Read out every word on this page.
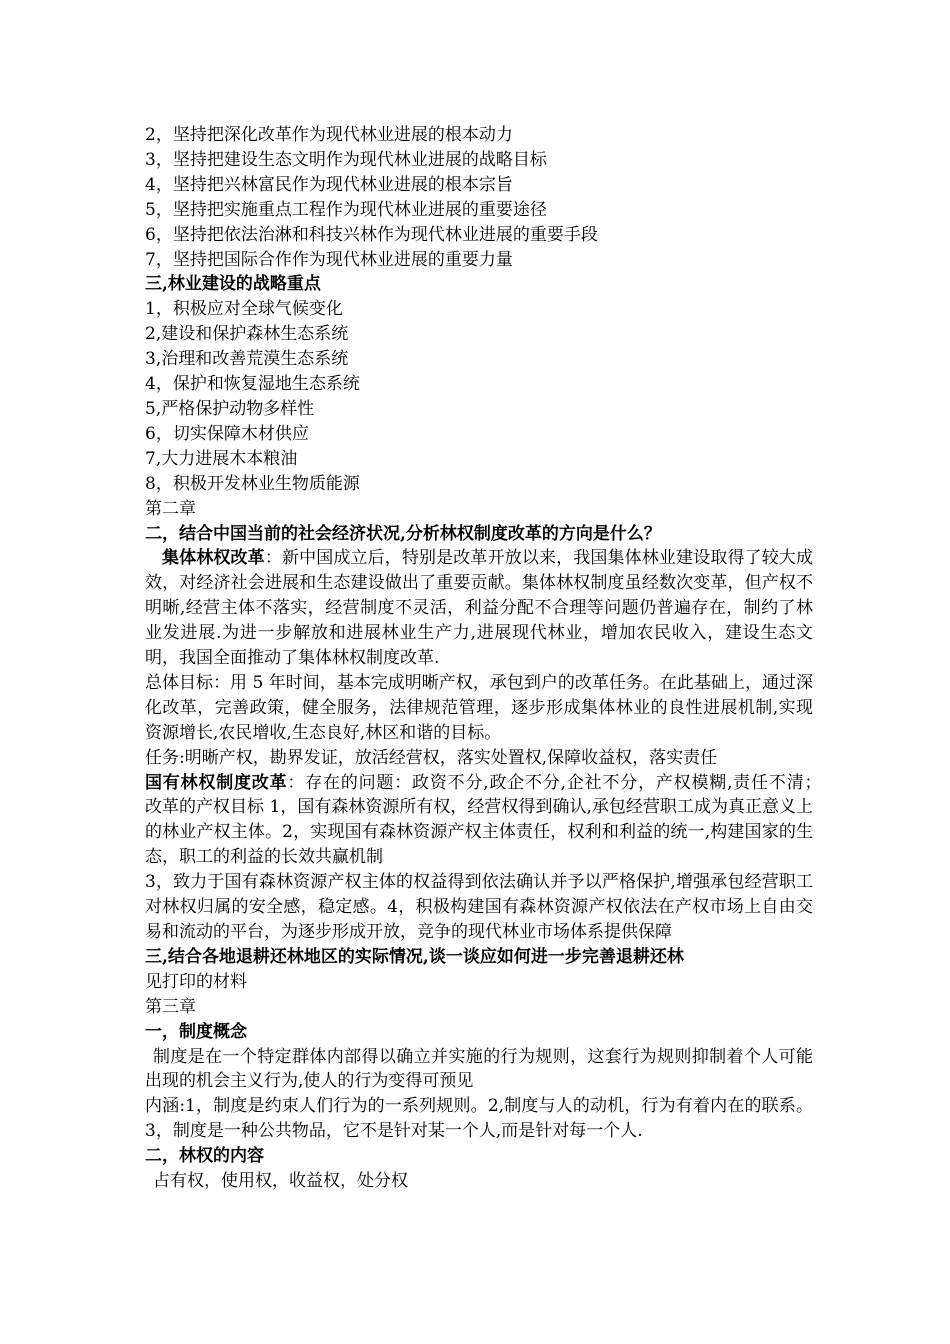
2，坚持把深化改革作为现代林业进展的根本动力
3，坚持把建设生态文明作为现代林业进展的战略目标
4，坚持把兴林富民作为现代林业进展的根本宗旨
5，坚持把实施重点工程作为现代林业进展的重要途径
6，坚持把依法治淋和科技兴林作为现代林业进展的重要手段
7，坚持把国际合作作为现代林业进展的重要力量
三,林业建设的战略重点
1，积极应对全球气候变化
2,建设和保护森林生态系统
3,治理和改善荒漠生态系统
4，保护和恢复湿地生态系统
5,严格保护动物多样性
6，切实保障木材供应
7,大力进展木本粮油
8，积极开发林业生物质能源
第二章
二，结合中国当前的社会经济状况,分析林权制度改革的方向是什么？
集体林权改革：新中国成立后，特别是改革开放以来，我国集体林业建设取得了较大成效，对经济社会进展和生态建设做出了重要贡献。集体林权制度虽经数次变革，但产权不明晰,经营主体不落实，经营制度不灵活，利益分配不合理等问题仍普遍存在，制约了林业发进展.为进一步解放和进展林业生产力,进展现代林业，增加农民收入，建设生态文明，我国全面推动了集体林权制度改革.
总体目标：用 5 年时间，基本完成明晰产权，承包到户的改革任务。在此基础上，通过深化改革，完善政策，健全服务，法律规范管理，逐步形成集体林业的良性进展机制,实现资源增长,农民增收,生态良好,林区和谐的目标。
任务:明晰产权，勘界发证，放活经营权，落实处置权,保障收益权，落实责任
国有林权制度改革：存在的问题：政资不分,政企不分,企社不分，产权模糊,责任不清；　　改革的产权目标 1，国有森林资源所有权，经营权得到确认,承包经营职工成为真正意义上的林业产权主体。2，实现国有森林资源产权主体责任，权利和利益的统一,构建国家的生态，职工的利益的长效共赢机制
3，致力于国有森林资源产权主体的权益得到依法确认并予以严格保护,增强承包经营职工对林权归属的安全感，稳定感。4，积极构建国有森林资源产权依法在产权市场上自由交易和流动的平台，为逐步形成开放，竞争的现代林业市场体系提供保障
三,结合各地退耕还林地区的实际情况,谈一谈应如何进一步完善退耕还林
见打印的材料
第三章
一，制度概念
制度是在一个特定群体内部得以确立并实施的行为规则，这套行为规则抑制着个人可能出现的机会主义行为,使人的行为变得可预见
内涵:1，制度是约束人们行为的一系列规则。2,制度与人的动机，行为有着内在的联系。3，制度是一种公共物品，它不是针对某一个人,而是针对每一个人.
二，林权的内容
占有权，使用权，收益权，处分权
